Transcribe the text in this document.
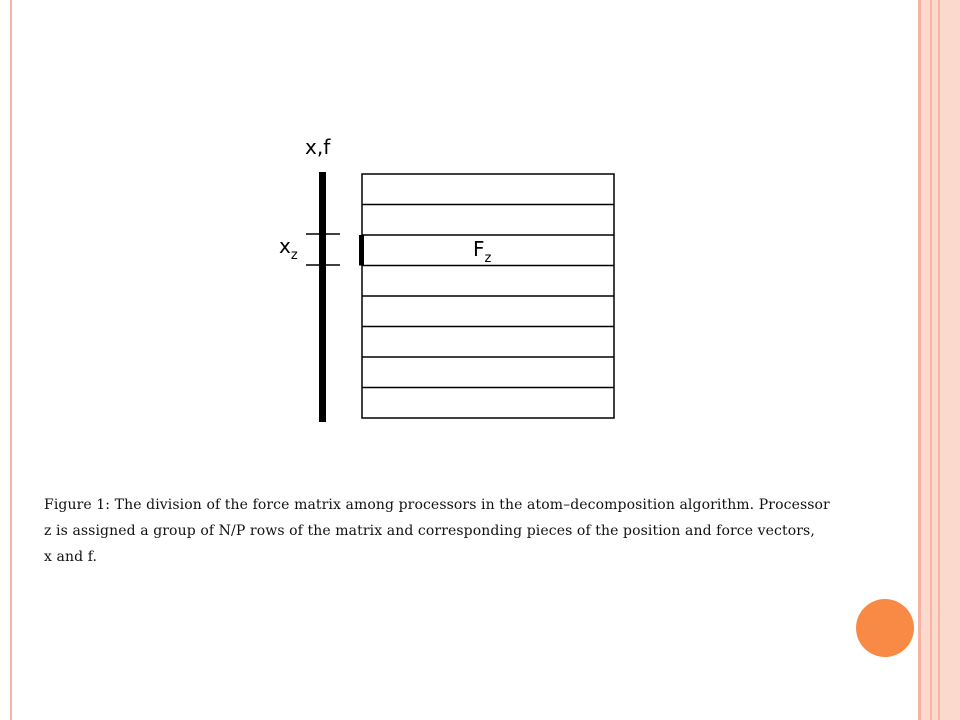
x,f
$x_z$	$F_z$
Figure 1: The division of the force matrix among processors in the atom–decomposition algorithm. Processor
z is assigned a group of N/P rows of the matrix and corresponding pieces of the position and force vectors,
x and f.
